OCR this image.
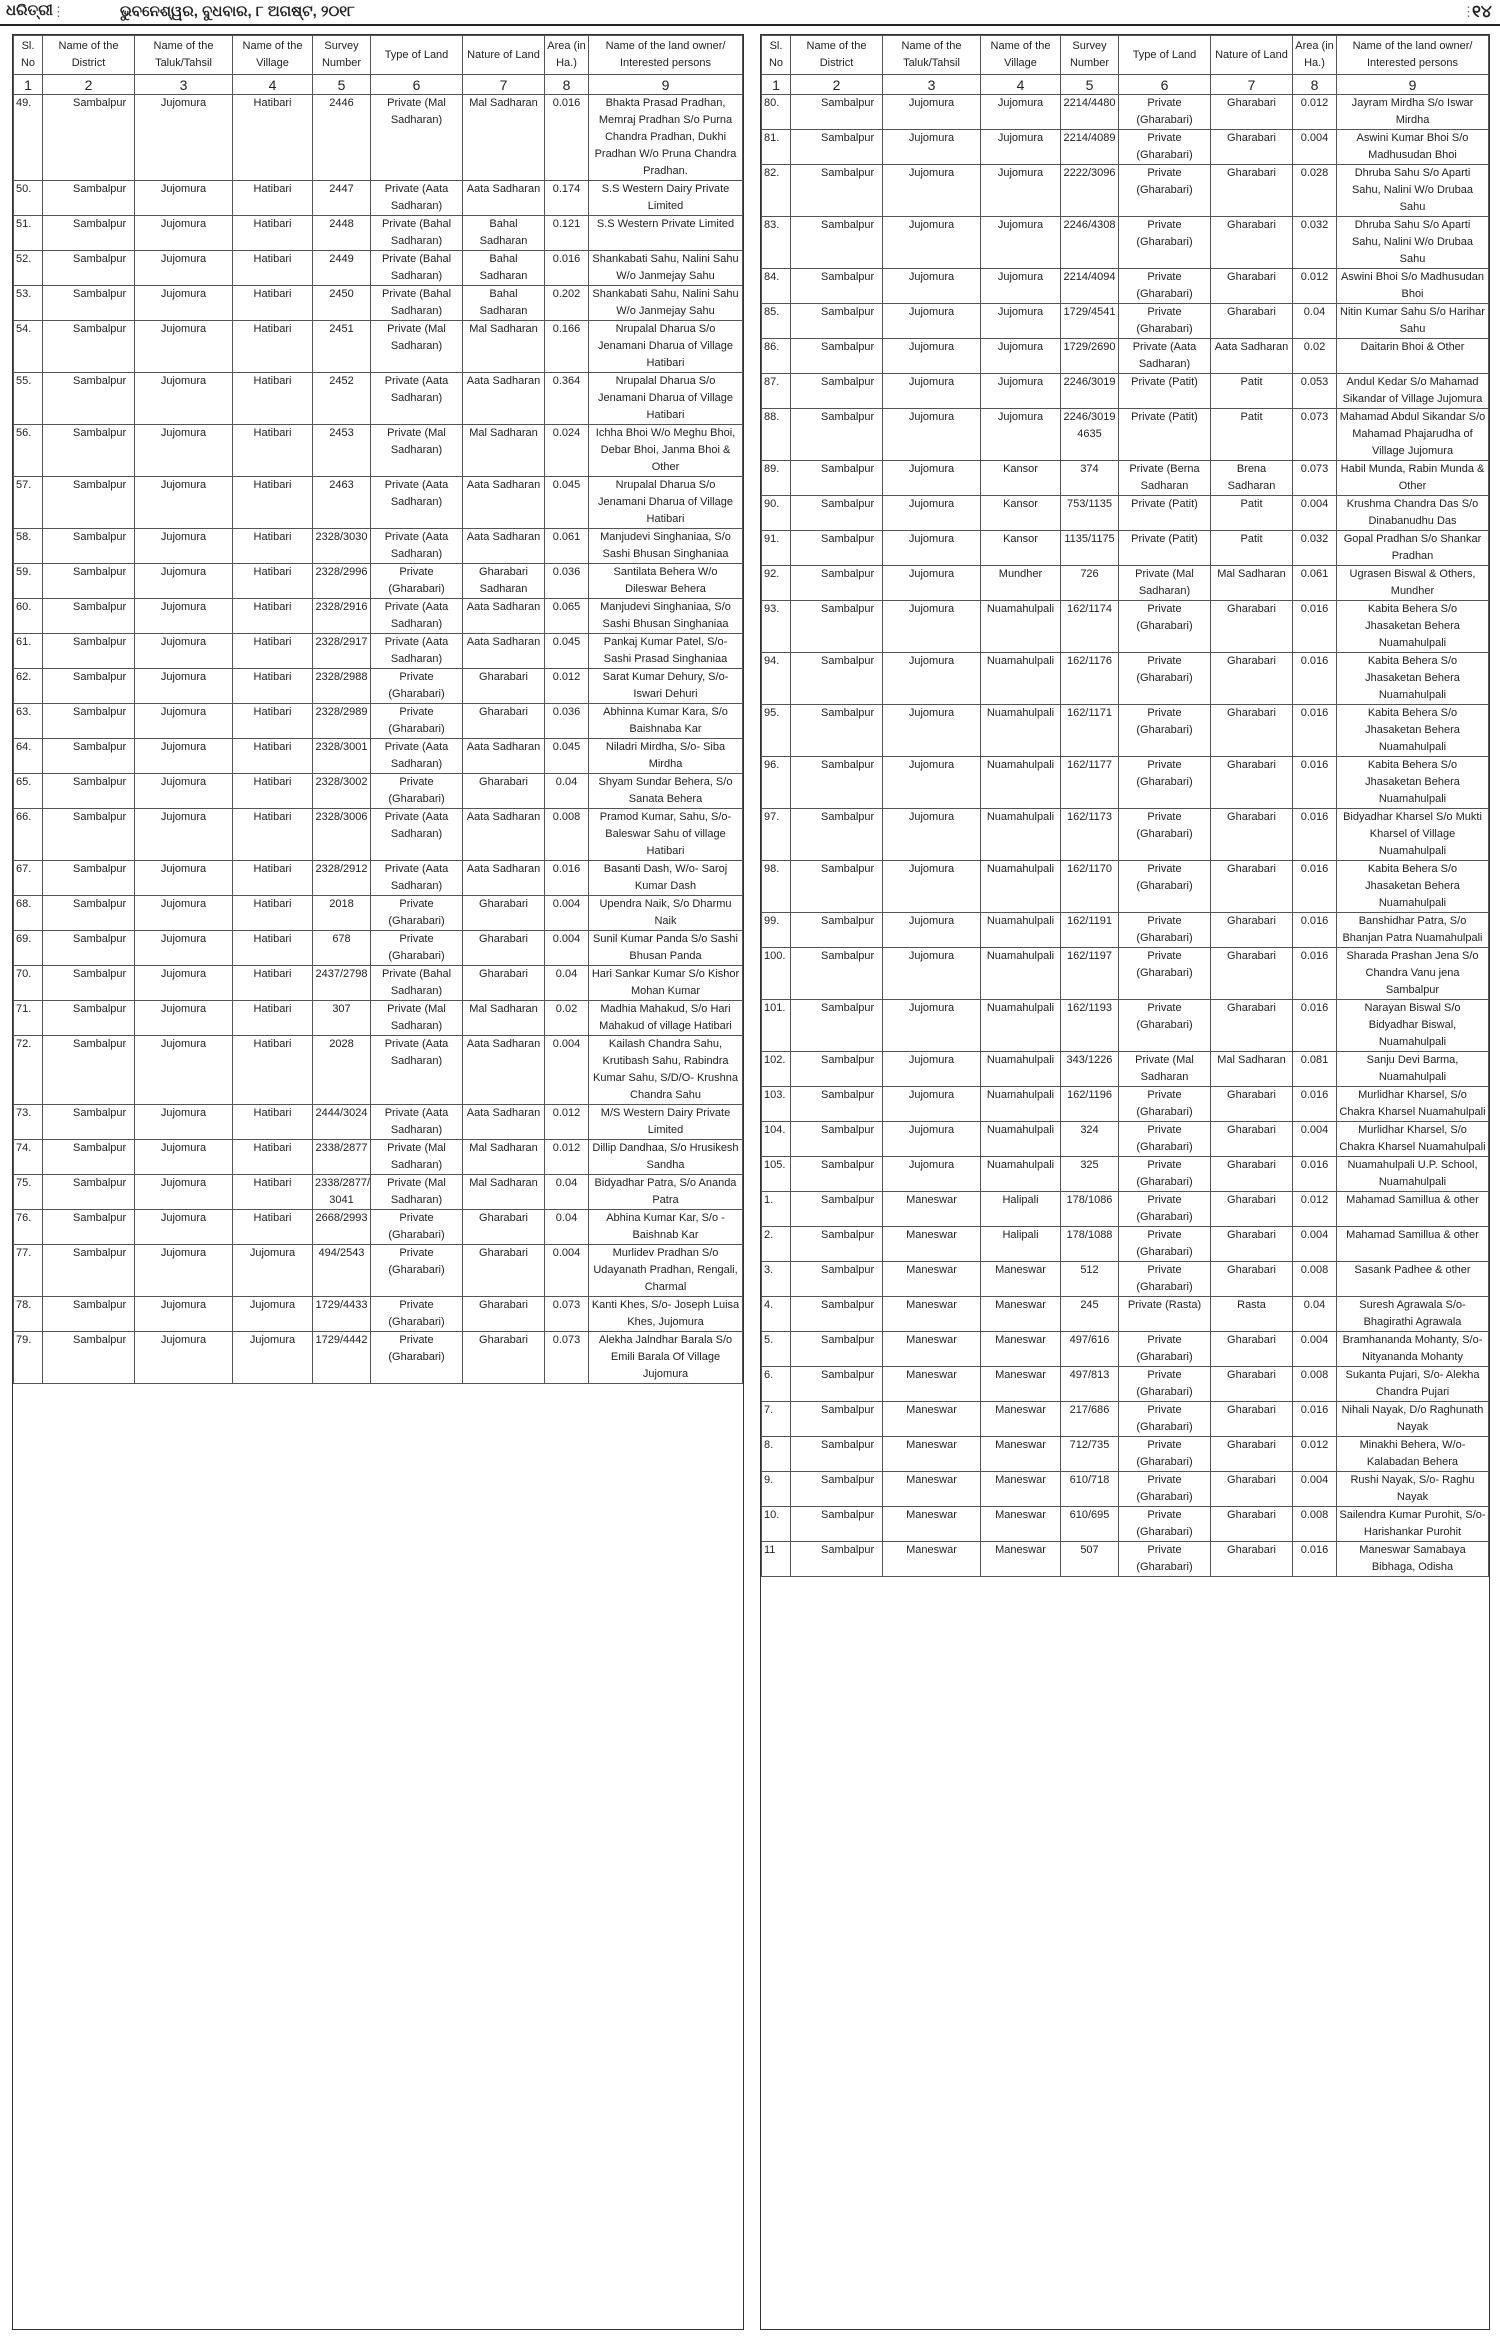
ଧରିତ୍ରୀ ⋮	ଭୁବନେଶ୍ୱର, ବୁଧବାର, ୮ ଅଗଷ୍ଟ, ୨୦୧୮	⋮
୧୪
Sl. No	Name of the District	Name of the Taluk/Tahsil	Name of the Village	Survey Number	Type of Land	Nature of Land	Area (in Ha.)	Name of the land owner/ Interested persons
1	2	3	4	5	6	7	8	9
49.	Sambalpur	Jujomura	Hatibari	2446	Private (Mal Sadharan)	Mal Sadharan	0.016	Bhakta Prasad Pradhan, Memraj Pradhan S/o Purna Chandra Pradhan, Dukhi Pradhan W/o Pruna Chandra Pradhan.
50.	Sambalpur	Jujomura	Hatibari	2447	Private (Aata Sadharan)	Aata Sadharan	0.174	S.S Western Dairy Private Limited
51.	Sambalpur	Jujomura	Hatibari	2448	Private (Bahal Sadharan)	Bahal Sadharan	0.121	S.S Western Private Limited
52.	Sambalpur	Jujomura	Hatibari	2449	Private (Bahal Sadharan)	Bahal Sadharan	0.016	Shankabati Sahu, Nalini Sahu W/o Janmejay Sahu
53.	Sambalpur	Jujomura	Hatibari	2450	Private (Bahal Sadharan)	Bahal Sadharan	0.202	Shankabati Sahu, Nalini Sahu W/o Janmejay Sahu
54.	Sambalpur	Jujomura	Hatibari	2451	Private (Mal Sadharan)	Mal Sadharan	0.166	Nrupalal Dharua S/o Jenamani Dharua of Village Hatibari
55.	Sambalpur	Jujomura	Hatibari	2452	Private (Aata Sadharan)	Aata Sadharan	0.364	Nrupalal Dharua S/o Jenamani Dharua of Village Hatibari
56.	Sambalpur	Jujomura	Hatibari	2453	Private (Mal Sadharan)	Mal Sadharan	0.024	Ichha Bhoi W/o Meghu Bhoi, Debar Bhoi, Janma Bhoi & Other
57.	Sambalpur	Jujomura	Hatibari	2463	Private (Aata Sadharan)	Aata Sadharan	0.045	Nrupalal Dharua S/o Jenamani Dharua of Village Hatibari
58.	Sambalpur	Jujomura	Hatibari	2328/3030	Private (Aata Sadharan)	Aata Sadharan	0.061	Manjudevi Singhaniaa, S/o Sashi Bhusan Singhaniaa
59.	Sambalpur	Jujomura	Hatibari	2328/2996	Private (Gharabari)	Gharabari Sadharan	0.036	Santilata Behera W/o Dileswar Behera
60.	Sambalpur	Jujomura	Hatibari	2328/2916	Private (Aata Sadharan)	Aata Sadharan	0.065	Manjudevi Singhaniaa, S/o Sashi Bhusan Singhaniaa
61.	Sambalpur	Jujomura	Hatibari	2328/2917	Private (Aata Sadharan)	Aata Sadharan	0.045	Pankaj Kumar Patel, S/o- Sashi Prasad Singhaniaa
62.	Sambalpur	Jujomura	Hatibari	2328/2988	Private (Gharabari)	Gharabari	0.012	Sarat Kumar Dehury, S/o- Iswari Dehuri
63.	Sambalpur	Jujomura	Hatibari	2328/2989	Private (Gharabari)	Gharabari	0.036	Abhinna Kumar Kara, S/o Baishnaba Kar
64.	Sambalpur	Jujomura	Hatibari	2328/3001	Private (Aata Sadharan)	Aata Sadharan	0.045	Niladri Mirdha, S/o- Siba Mirdha
65.	Sambalpur	Jujomura	Hatibari	2328/3002	Private (Gharabari)	Gharabari	0.04	Shyam Sundar Behera, S/o Sanata Behera
66.	Sambalpur	Jujomura	Hatibari	2328/3006	Private (Aata Sadharan)	Aata Sadharan	0.008	Pramod Kumar, Sahu, S/o- Baleswar Sahu of village Hatibari
67.	Sambalpur	Jujomura	Hatibari	2328/2912	Private (Aata Sadharan)	Aata Sadharan	0.016	Basanti Dash, W/o- Saroj Kumar Dash
68.	Sambalpur	Jujomura	Hatibari	2018	Private (Gharabari)	Gharabari	0.004	Upendra Naik, S/o Dharmu Naik
69.	Sambalpur	Jujomura	Hatibari	678	Private (Gharabari)	Gharabari	0.004	Sunil Kumar Panda S/o Sashi Bhusan Panda
70.	Sambalpur	Jujomura	Hatibari	2437/2798	Private (Bahal Sadharan)	Gharabari	0.04	Hari Sankar Kumar S/o Kishor Mohan Kumar
71.	Sambalpur	Jujomura	Hatibari	307	Private (Mal Sadharan)	Mal Sadharan	0.02	Madhia Mahakud, S/o Hari Mahakud of village Hatibari
72.	Sambalpur	Jujomura	Hatibari	2028	Private (Aata Sadharan)	Aata Sadharan	0.004	Kailash Chandra Sahu, Krutibash Sahu, Rabindra Kumar Sahu, S/D/O- Krushna Chandra Sahu
73.	Sambalpur	Jujomura	Hatibari	2444/3024	Private (Aata Sadharan)	Aata Sadharan	0.012	M/S Western Dairy Private Limited
74.	Sambalpur	Jujomura	Hatibari	2338/2877	Private (Mal Sadharan)	Mal Sadharan	0.012	Dillip Dandhaa, S/o Hrusikesh Sandha
75.	Sambalpur	Jujomura	Hatibari	2338/2877/ 3041	Private (Mal Sadharan)	Mal Sadharan	0.04	Bidyadhar Patra, S/o Ananda Patra
76.	Sambalpur	Jujomura	Hatibari	2668/2993	Private (Gharabari)	Gharabari	0.04	Abhina Kumar Kar, S/o - Baishnab Kar
77.	Sambalpur	Jujomura	Jujomura	494/2543	Private (Gharabari)	Gharabari	0.004	Murlidev Pradhan S/o Udayanath Pradhan, Rengali, Charmal
78.	Sambalpur	Jujomura	Jujomura	1729/4433	Private (Gharabari)	Gharabari	0.073	Kanti Khes, S/o- Joseph Luisa Khes, Jujomura
79.	Sambalpur	Jujomura	Jujomura	1729/4442	Private (Gharabari)	Gharabari	0.073	Alekha Jalndhar Barala S/o Emili Barala Of Village Jujomura
Sl. No	Name of the District	Name of the Taluk/Tahsil	Name of the Village	Survey Number	Type of Land	Nature of Land	Area (in Ha.)	Name of the land owner/ Interested persons
1	2	3	4	5	6	7	8	9
80.	Sambalpur	Jujomura	Jujomura	2214/4480	Private (Gharabari)	Gharabari	0.012	Jayram Mirdha S/o Iswar Mirdha
81.	Sambalpur	Jujomura	Jujomura	2214/4089	Private (Gharabari)	Gharabari	0.004	Aswini Kumar Bhoi S/o Madhusudan Bhoi
82.	Sambalpur	Jujomura	Jujomura	2222/3096	Private (Gharabari)	Gharabari	0.028	Dhruba Sahu S/o Aparti Sahu, Nalini W/o Drubaa Sahu
83.	Sambalpur	Jujomura	Jujomura	2246/4308	Private (Gharabari)	Gharabari	0.032	Dhruba Sahu S/o Aparti Sahu, Nalini W/o Drubaa Sahu
84.	Sambalpur	Jujomura	Jujomura	2214/4094	Private (Gharabari)	Gharabari	0.012	Aswini Bhoi S/o Madhusudan Bhoi
85.	Sambalpur	Jujomura	Jujomura	1729/4541	Private (Gharabari)	Gharabari	0.04	Nitin Kumar Sahu S/o Harihar Sahu
86.	Sambalpur	Jujomura	Jujomura	1729/2690	Private (Aata Sadharan)	Aata Sadharan	0.02	Daitarin Bhoi & Other
87.	Sambalpur	Jujomura	Jujomura	2246/3019	Private (Patit)	Patit	0.053	Andul Kedar S/o Mahamad Sikandar of Village Jujomura
88.	Sambalpur	Jujomura	Jujomura	2246/3019 4635	Private (Patit)	Patit	0.073	Mahamad Abdul Sikandar S/o Mahamad Phajarudha of Village Jujomura
89.	Sambalpur	Jujomura	Kansor	374	Private (Berna Sadharan	Brena Sadharan	0.073	Habil Munda, Rabin Munda & Other
90.	Sambalpur	Jujomura	Kansor	753/1135	Private (Patit)	Patit	0.004	Krushma Chandra Das S/o Dinabanudhu Das
91.	Sambalpur	Jujomura	Kansor	1135/1175	Private (Patit)	Patit	0.032	Gopal Pradhan S/o Shankar Pradhan
92.	Sambalpur	Jujomura	Mundher	726	Private (Mal Sadharan)	Mal Sadharan	0.061	Ugrasen Biswal & Others, Mundher
93.	Sambalpur	Jujomura	Nuamahulpali	162/1174	Private (Gharabari)	Gharabari	0.016	Kabita Behera S/o Jhasaketan Behera Nuamahulpali
94.	Sambalpur	Jujomura	Nuamahulpali	162/1176	Private (Gharabari)	Gharabari	0.016	Kabita Behera S/o Jhasaketan Behera Nuamahulpali
95.	Sambalpur	Jujomura	Nuamahulpali	162/1171	Private (Gharabari)	Gharabari	0.016	Kabita Behera S/o Jhasaketan Behera Nuamahulpali
96.	Sambalpur	Jujomura	Nuamahulpali	162/1177	Private (Gharabari)	Gharabari	0.016	Kabita Behera S/o Jhasaketan Behera Nuamahulpali
97.	Sambalpur	Jujomura	Nuamahulpali	162/1173	Private (Gharabari)	Gharabari	0.016	Bidyadhar Kharsel S/o Mukti Kharsel of Village Nuamahulpali
98.	Sambalpur	Jujomura	Nuamahulpali	162/1170	Private (Gharabari)	Gharabari	0.016	Kabita Behera S/o Jhasaketan Behera Nuamahulpali
99.	Sambalpur	Jujomura	Nuamahulpali	162/1191	Private (Gharabari)	Gharabari	0.016	Banshidhar Patra, S/o Bhanjan Patra Nuamahulpali
100.	Sambalpur	Jujomura	Nuamahulpali	162/1197	Private (Gharabari)	Gharabari	0.016	Sharada Prashan Jena S/o Chandra Vanu jena Sambalpur
101.	Sambalpur	Jujomura	Nuamahulpali	162/1193	Private (Gharabari)	Gharabari	0.016	Narayan Biswal S/o Bidyadhar Biswal, Nuamahulpali
102.	Sambalpur	Jujomura	Nuamahulpali	343/1226	Private (Mal Sadharan	Mal Sadharan	0.081	Sanju Devi Barma, Nuamahulpali
103.	Sambalpur	Jujomura	Nuamahulpali	162/1196	Private (Gharabari)	Gharabari	0.016	Murlidhar Kharsel, S/o Chakra Kharsel Nuamahulpali
104.	Sambalpur	Jujomura	Nuamahulpali	324	Private (Gharabari)	Gharabari	0.004	Murlidhar Kharsel, S/o Chakra Kharsel Nuamahulpali
105.	Sambalpur	Jujomura	Nuamahulpali	325	Private (Gharabari)	Gharabari	0.016	Nuamahulpali U.P. School, Nuamahulpali
1.	Sambalpur	Maneswar	Halipali	178/1086	Private (Gharabari)	Gharabari	0.012	Mahamad Samillua & other
2.	Sambalpur	Maneswar	Halipali	178/1088	Private (Gharabari)	Gharabari	0.004	Mahamad Samillua & other
3.	Sambalpur	Maneswar	Maneswar	512	Private (Gharabari)	Gharabari	0.008	Sasank Padhee & other
4.	Sambalpur	Maneswar	Maneswar	245	Private (Rasta)	Rasta	0.04	Suresh Agrawala S/o- Bhagirathi Agrawala
5.	Sambalpur	Maneswar	Maneswar	497/616	Private (Gharabari)	Gharabari	0.004	Bramhananda Mohanty, S/o- Nityananda Mohanty
6.	Sambalpur	Maneswar	Maneswar	497/813	Private (Gharabari)	Gharabari	0.008	Sukanta Pujari, S/o- Alekha Chandra Pujari
7.	Sambalpur	Maneswar	Maneswar	217/686	Private (Gharabari)	Gharabari	0.016	Nihali Nayak, D/o Raghunath Nayak
8.	Sambalpur	Maneswar	Maneswar	712/735	Private (Gharabari)	Gharabari	0.012	Minakhi Behera, W/o- Kalabadan Behera
9.	Sambalpur	Maneswar	Maneswar	610/718	Private (Gharabari)	Gharabari	0.004	Rushi Nayak, S/o- Raghu Nayak
10.	Sambalpur	Maneswar	Maneswar	610/695	Private (Gharabari)	Gharabari	0.008	Sailendra Kumar Purohit, S/o- Harishankar Purohit
11	Sambalpur	Maneswar	Maneswar	507	Private (Gharabari)	Gharabari	0.016	Maneswar Samabaya Bibhaga, Odisha
